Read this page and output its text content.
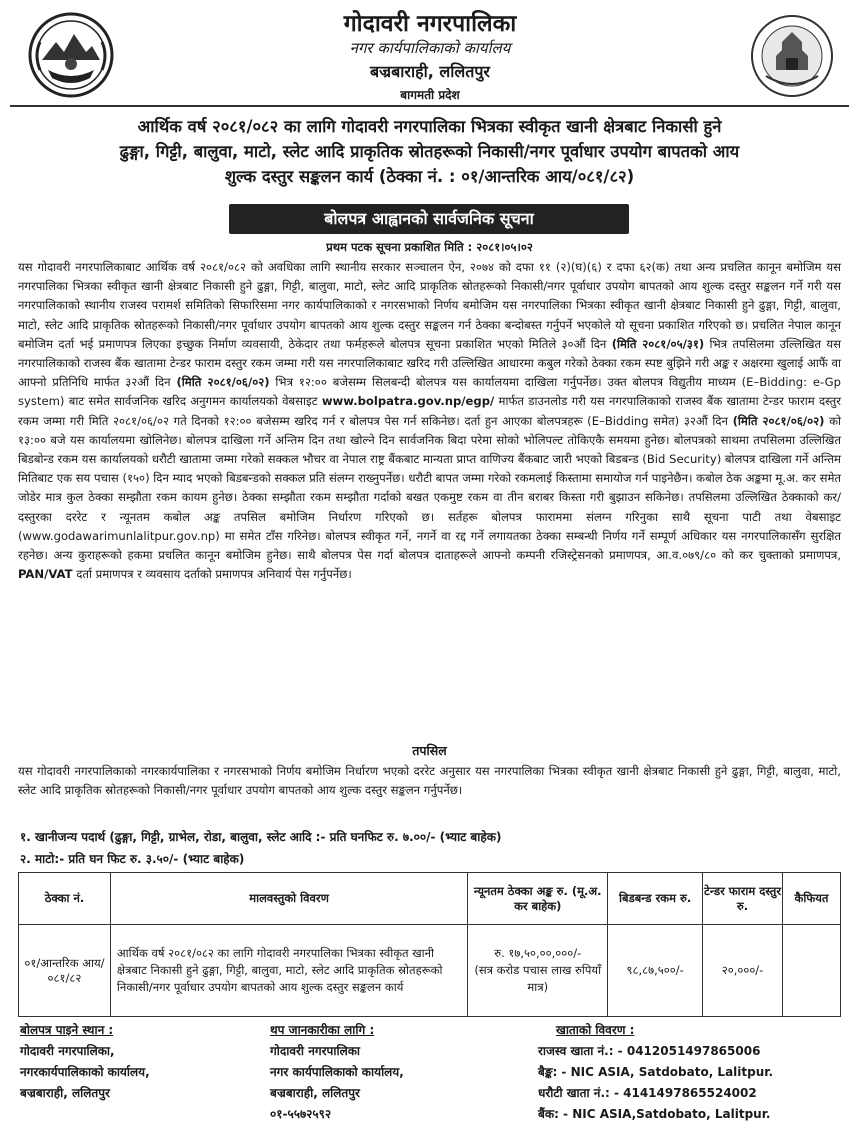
गोदावरी नगरपालिका
नगर कार्यपालिकाको कार्यालय
बज्रबाराही, ललितपुर
बागमती प्रदेश
आर्थिक वर्ष २०८१/०८२ का लागि गोदावरी नगरपालिका भित्रका स्वीकृत खानी क्षेत्रबाट निकासी हुने
ढुङ्गा, गिट्टी, बालुवा, माटो, स्लेट आदि प्राकृतिक स्रोतहरूको निकासी/नगर पूर्वाधार उपयोग बापतको आय
शुल्क दस्तुर सङ्कलन कार्य (ठेक्का नं. : ०१/आन्तरिक आय/०८१/८२)
बोलपत्र आह्वानको सार्वजनिक सूचना
प्रथम पटक सूचना प्रकाशित मिति : २०८१।०५।०२
यस गोदावरी नगरपालिकाबाट आर्थिक वर्ष २०८१/०८२ को अवधिका लागि स्थानीय सरकार सञ्चालन ऐन, २०७४ को दफा ११ (२)(घ)(६) र दफा ६२(क) तथा अन्य प्रचलित कानून बमोजिम यस नगरपालिका भित्रका स्वीकृत खानी क्षेत्रबाट निकासी हुने ढुङ्गा, गिट्टी, बालुवा, माटो, स्लेट आदि प्राकृतिक स्रोतहरूको निकासी/नगर पूर्वाधार उपयोग बापतको आय शुल्क दस्तुर सङ्कलन गर्ने गरी यस नगरपालिकाको स्थानीय राजस्व परामर्श समितिको सिफारिसमा नगर कार्यपालिकाको र नगरसभाको निर्णय बमोजिम यस नगरपालिका भित्रका स्वीकृत खानी क्षेत्रबाट निकासी हुने ढुङ्गा, गिट्टी, बालुवा, माटो, स्लेट आदि प्राकृतिक स्रोतहरूको निकासी/नगर पूर्वाधार उपयोग बापतको आय शुल्क दस्तुर सङ्कलन गर्न ठेक्का बन्दोबस्त गर्नुपर्ने भएकोले यो सूचना प्रकाशित गरिएको छ। प्रचलित नेपाल कानून बमोजिम दर्ता भई प्रमाणपत्र लिएका इच्छुक निर्माण व्यवसायी, ठेकेदार तथा फर्महरूले बोलपत्र सूचना प्रकाशित भएको मितिले ३०औं दिन (मिति २०८१/०५/३१) भित्र तपसिलमा उल्लिखित यस नगरपालिकाको राजस्व बैंक खातामा टेन्डर फाराम दस्तुर रकम जम्मा गरी यस नगरपालिकाबाट खरिद गरी उल्लिखित आधारमा कबुल गरेको ठेक्का रकम स्पष्ट बुझिने गरी अङ्क र अक्षरमा खुलाई आफैं वा आफ्नो प्रतिनिधि मार्फत ३२औं दिन (मिति २०८१/०६/०२) भित्र १२:०० बजेसम्म सिलबन्दी बोलपत्र यस कार्यालयमा दाखिला गर्नुपर्नेछ। उक्त बोलपत्र विद्युतीय माध्यम (E–Bidding: e-Gp system) बाट समेत सार्वजनिक खरिद अनुगमन कार्यालयको वेबसाइट www.bolpatra.gov.np/egp/ मार्फत डाउनलोड गरी यस नगरपालिकाको राजस्व बैंक खातामा टेन्डर फाराम दस्तुर रकम जम्मा गरी मिति २०८१/०६/०२ गते दिनको १२:०० बजेसम्म खरिद गर्न र बोलपत्र पेस गर्न सकिनेछ। दर्ता हुन आएका बोलपत्रहरू (E–Bidding समेत) ३२औं दिन (मिति २०८१/०६/०२) को १३:०० बजे यस कार्यालयमा खोलिनेछ। बोलपत्र दाखिला गर्ने अन्तिम दिन तथा खोल्ने दिन सार्वजनिक बिदा परेमा सोको भोलिपल्ट तोकिएकै समयमा हुनेछ। बोलपत्रको साथमा तपसिलमा उल्लिखित बिडबोन्ड रकम यस कार्यालयको धरौटी खातामा जम्मा गरेको सक्कल भौचर वा नेपाल राष्ट्र बैंकबाट मान्यता प्राप्त वाणिज्य बैंकबाट जारी भएको बिडबन्ड (Bid Security) बोलपत्र दाखिला गर्ने अन्तिम मितिबाट एक सय पचास (१५०) दिन म्याद भएको बिडबन्डको सक्कल प्रति संलग्न राख्नुपर्नेछ। धरौटी बापत जम्मा गरेको रकमलाई किस्तामा समायोज गर्न पाइनेछैन। कबोल ठेक अङ्कमा मू.अ. कर समेत जोडेर मात्र कुल ठेक्का सम्झौता रकम कायम हुनेछ। ठेक्का सम्झौता रकम सम्झौता गर्दाको बखत एकमुष्ट रकम वा तीन बराबर किस्ता गरी बुझाउन सकिनेछ। तपसिलमा उल्लिखित ठेक्काको कर/दस्तुरका दररेट र न्यूनतम कबोल अङ्क तपसिल बमोजिम निर्धारण गरिएको छ। सर्तहरू बोलपत्र फाराममा संलग्न गरिनुका साथै सूचना पाटी तथा वेबसाइट (www.godawarimunlalitpur.gov.np) मा समेत टाँस गरिनेछ। बोलपत्र स्वीकृत गर्ने, नगर्ने वा रद्द गर्ने लगायतका ठेक्का सम्बन्धी निर्णय गर्ने सम्पूर्ण अधिकार यस नगरपालिकासँग सुरक्षित रहनेछ। अन्य कुराहरूको हकमा प्रचलित कानून बमोजिम हुनेछ। साथै बोलपत्र पेस गर्दा बोलपत्र दाताहरूले आफ्नो कम्पनी रजिस्ट्रेसनको प्रमाणपत्र, आ.व.०७९/८० को कर चुक्ताको प्रमाणपत्र, PAN/VAT दर्ता प्रमाणपत्र र व्यवसाय दर्ताको प्रमाणपत्र अनिवार्य पेस गर्नुपर्नेछ।
तपसिल
यस गोदावरी नगरपालिकाको नगरकार्यपालिका र नगरसभाको निर्णय बमोजिम निर्धारण भएको दररेट अनुसार यस नगरपालिका भित्रका स्वीकृत खानी क्षेत्रबाट निकासी हुने ढुङ्गा, गिट्टी, बालुवा, माटो, स्लेट आदि प्राकृतिक स्रोतहरूको निकासी/नगर पूर्वाधार उपयोग बापतको आय शुल्क दस्तुर सङ्कलन गर्नुपर्नेछ।
१. खानीजन्य पदार्थ (ढुङ्गा, गिट्टी, ग्राभेल, रोडा, बालुवा, स्लेट आदि :- प्रति घनफिट रु. ७.००/- (भ्याट बाहेक)
२. माटो:- प्रति घन फिट रु. ३.५०/- (भ्याट बाहेक)
ठेक्का नं.	मालवस्तुको विवरण	न्यूनतम ठेक्का अङ्क रु. (मू.अ. कर बाहेक)	बिडबन्ड रकम रु.	टेन्डर फाराम दस्तुर रु.	कैफियत
०१/आन्तरिक आय/०८१/८२	आर्थिक वर्ष २०८१/०८२ का लागि गोदावरी नगरपालिका भित्रका स्वीकृत खानी क्षेत्रबाट निकासी हुने ढुङ्गा, गिट्टी, बालुवा, माटो, स्लेट आदि प्राकृतिक स्रोतहरूको निकासी/नगर पूर्वाधार उपयोग बापतको आय शुल्क दस्तुर सङ्कलन कार्य	रु. १७,५०,००,०००/-
(सत्र करोड पचास लाख रुपियाँ मात्र)	९८,८७,५००/-	२०,०००/-	
बोलपत्र पाइने स्थान :
गोदावरी नगरपालिका,
नगरकार्यपालिकाको कार्यालय,
बज्रबाराही, ललितपुर
थप जानकारीका लागि :
गोदावरी नगरपालिका
नगर कार्यपालिकाको कार्यालय,
बज्रबाराही, ललितपुर
०१-५५७२५९२
खाताको विवरण :
राजस्व खाता नं.: - 0412051497865006
बैङ्क: - NIC ASIA, Satdobato, Lalitpur.
धरौटी खाता नं.: - 4141497865524002
बैंक: - NIC ASIA,Satdobato, Lalitpur.
